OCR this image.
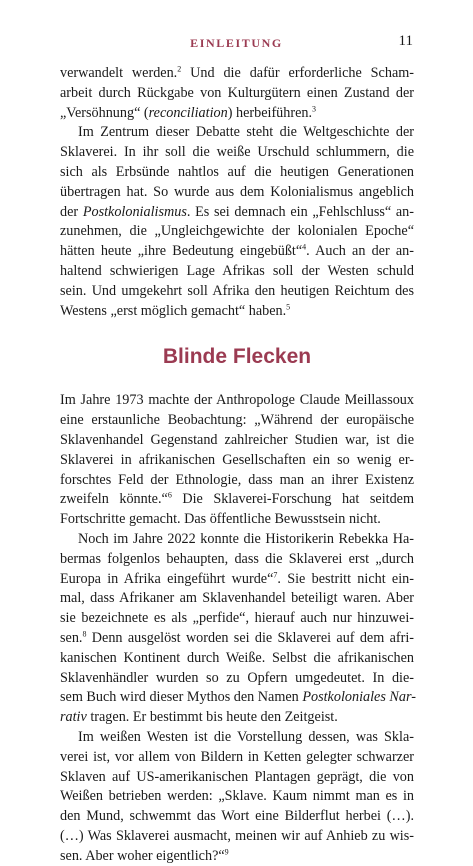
EINLEITUNG	11
verwandelt werden.$^2$ Und die dafür erforderliche Scham-
arbeit durch Rückgabe von Kulturgütern einen Zustand der
„Versöhnung“ (reconciliation) herbeiführen.$^3$
Im Zentrum dieser Debatte steht die Weltgeschichte der
Sklaverei. In ihr soll die weiße Urschuld schlummern, die
sich als Erbsünde nahtlos auf die heutigen Generationen
übertragen hat. So wurde aus dem Kolonialismus angeblich
der Postkolonialismus. Es sei demnach ein „Fehlschluss“ an-
zunehmen, die „Ungleichgewichte der kolonialen Epoche“
hätten heute „ihre Bedeutung eingebüßt“$^4$. Auch an der an-
haltend schwierigen Lage Afrikas soll der Westen schuld
sein. Und umgekehrt soll Afrika den heutigen Reichtum des
Westens „erst möglich gemacht“ haben.$^5$
Blinde Flecken
Im Jahre 1973 machte der Anthropologe Claude Meillassoux
eine erstaunliche Beobachtung: „Während der europäische
Sklavenhandel Gegenstand zahlreicher Studien war, ist die
Sklaverei in afrikanischen Gesellschaften ein so wenig er-
forschtes Feld der Ethnologie, dass man an ihrer Existenz
zweifeln könnte.“$^6$ Die Sklaverei-Forschung hat seitdem
Fortschritte gemacht. Das öffentliche Bewusstsein nicht.
Noch im Jahre 2022 konnte die Historikerin Rebekka Ha-
bermas folgenlos behaupten, dass die Sklaverei erst „durch
Europa in Afrika eingeführt wurde“$^7$. Sie bestritt nicht ein-
mal, dass Afrikaner am Sklavenhandel beteiligt waren. Aber
sie bezeichnete es als „perfide“, hierauf auch nur hinzuwei-
sen.$^8$ Denn ausgelöst worden sei die Sklaverei auf dem afri-
kanischen Kontinent durch Weiße. Selbst die afrikanischen
Sklavenhändler wurden so zu Opfern umgedeutet. In die-
sem Buch wird dieser Mythos den Namen Postkoloniales Nar-
rativ tragen. Er bestimmt bis heute den Zeitgeist.
Im weißen Westen ist die Vorstellung dessen, was Skla-
verei ist, vor allem von Bildern in Ketten gelegter schwarzer
Sklaven auf US-amerikanischen Plantagen geprägt, die von
Weißen betrieben werden: „Sklave. Kaum nimmt man es in
den Mund, schwemmt das Wort eine Bilderflut herbei (…).
(…) Was Sklaverei ausmacht, meinen wir auf Anhieb zu wis-
sen. Aber woher eigentlich?“$^9$
